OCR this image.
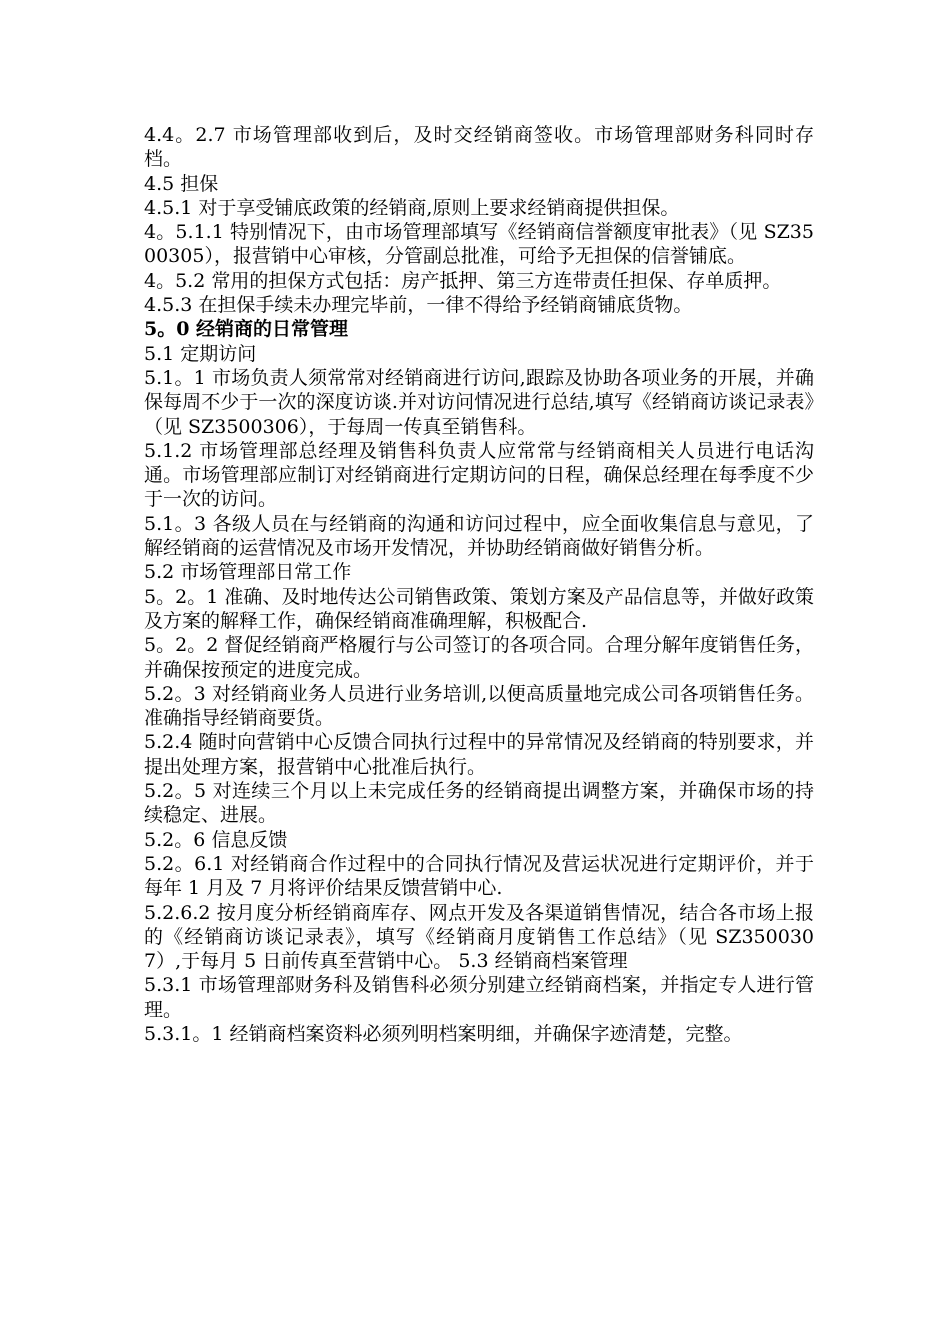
4.4。2.7 市场管理部收到后，及时交经销商签收。市场管理部财务科同时存档。

4.5 担保

4.5.1 对于享受铺底政策的经销商,原则上要求经销商提供担保。

4。5.1.1 特别情况下，由市场管理部填写《经销商信誉额度审批表》（见 SZ3500305），报营销中心审核，分管副总批准，可给予无担保的信誉铺底。

4。5.2 常用的担保方式包括：房产抵押、第三方连带责任担保、存单质押。

4.5.3 在担保手续未办理完毕前，一律不得给予经销商铺底货物。

5。0 经销商的日常管理

5.1 定期访问

5.1。1 市场负责人须常常对经销商进行访问,跟踪及协助各项业务的开展，并确保每周不少于一次的深度访谈.并对访问情况进行总结,填写《经销商访谈记录表》（见 SZ3500306），于每周一传真至销售科。

5.1.2 市场管理部总经理及销售科负责人应常常与经销商相关人员进行电话沟通。市场管理部应制订对经销商进行定期访问的日程，确保总经理在每季度不少于一次的访问。

5.1。3 各级人员在与经销商的沟通和访问过程中，应全面收集信息与意见，了解经销商的运营情况及市场开发情况，并协助经销商做好销售分析。

5.2 市场管理部日常工作

5。2。1 准确、及时地传达公司销售政策、策划方案及产品信息等，并做好政策及方案的解释工作，确保经销商准确理解，积极配合.

5。2。2 督促经销商严格履行与公司签订的各项合同。合理分解年度销售任务，并确保按预定的进度完成。

5.2。3 对经销商业务人员进行业务培训,以便高质量地完成公司各项销售任务。准确指导经销商要货。

5.2.4 随时向营销中心反馈合同执行过程中的异常情况及经销商的特别要求，并提出处理方案，报营销中心批准后执行。

5.2。5 对连续三个月以上未完成任务的经销商提出调整方案，并确保市场的持续稳定、进展。

5.2。6 信息反馈

5.2。6.1 对经销商合作过程中的合同执行情况及营运状况进行定期评价，并于每年 1 月及 7 月将评价结果反馈营销中心.

5.2.6.2 按月度分析经销商库存、网点开发及各渠道销售情况，结合各市场上报的《经销商访谈记录表》，填写《经销商月度销售工作总结》（见 SZ3500307）,于每月 5 日前传真至营销中心。 5.3 经销商档案管理

5.3.1 市场管理部财务科及销售科必须分别建立经销商档案，并指定专人进行管理。

5.3.1。1 经销商档案资料必须列明档案明细，并确保字迹清楚，完整。
